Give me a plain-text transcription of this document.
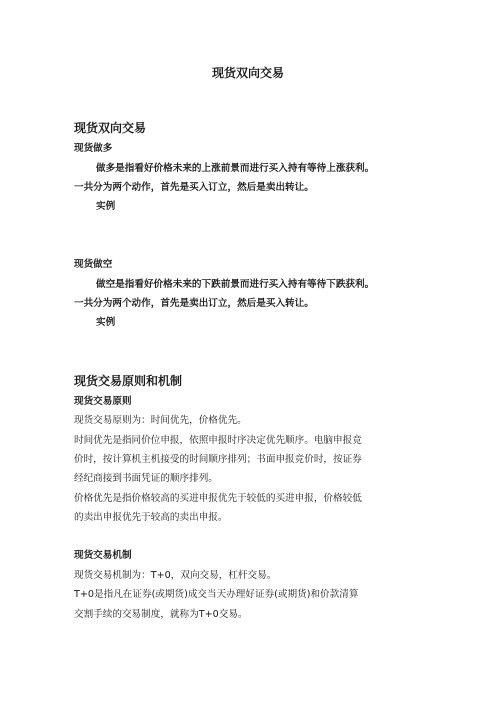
现货双向交易
现货双向交易
现货做多
做多是指看好价格未来的上涨前景而进行买入持有等待上涨获利。
一共分为两个动作，首先是买入订立，然后是卖出转让。
实例
现货做空
做空是指看好价格未来的下跌前景而进行买入持有等待下跌获利。
一共分为两个动作，首先是卖出订立，然后是买入转让。
实例
现货交易原则和机制
现货交易原则
现货交易原则为：时间优先，价格优先。
时间优先是指同价位申报，依照申报时序决定优先顺序。电脑申报竞
价时，按计算机主机接受的时间顺序排列；书面申报竞价时，按证券
经纪商接到书面凭证的顺序排列。
价格优先是指价格较高的买进申报优先于较低的买进申报，价格较低
的卖出申报优先于较高的卖出申报。
现货交易机制
现货交易机制为：T+0，双向交易，杠杆交易。
T+0是指凡在证券(或期货)成交当天办理好证券(或期货)和价款清算
交割手续的交易制度，就称为T+0交易。
